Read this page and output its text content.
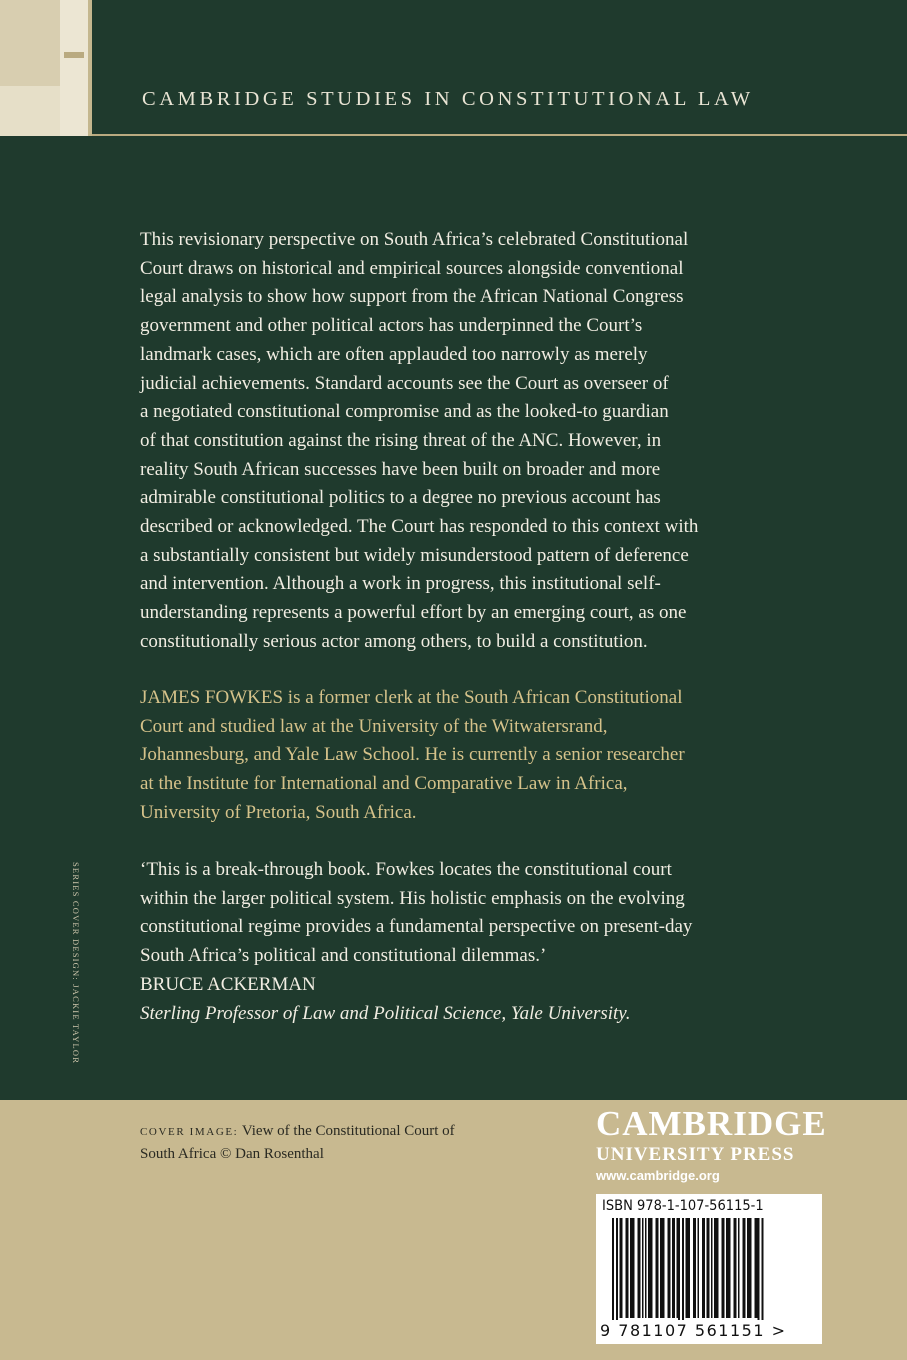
CAMBRIDGE STUDIES IN CONSTITUTIONAL LAW

This revisionary perspective on South Africa’s celebrated Constitutional
Court draws on historical and empirical sources alongside conventional
legal analysis to show how support from the African National Congress
government and other political actors has underpinned the Court’s
landmark cases, which are often applauded too narrowly as merely
judicial achievements. Standard accounts see the Court as overseer of
a negotiated constitutional compromise and as the looked-to guardian
of that constitution against the rising threat of the ANC. However, in
reality South African successes have been built on broader and more
admirable constitutional politics to a degree no previous account has
described or acknowledged. The Court has responded to this context with
a substantially consistent but widely misunderstood pattern of deference
and intervention. Although a work in progress, this institutional self-
understanding represents a powerful effort by an emerging court, as one
constitutionally serious actor among others, to build a constitution.

JAMES FOWKES is a former clerk at the South African Constitutional
Court and studied law at the University of the Witwatersrand,
Johannesburg, and Yale Law School. He is currently a senior researcher
at the Institute for International and Comparative Law in Africa,
University of Pretoria, South Africa.

‘This is a break-through book. Fowkes locates the constitutional court
within the larger political system. His holistic emphasis on the evolving
constitutional regime provides a fundamental perspective on present-day
South Africa’s political and constitutional dilemmas.’
BRUCE ACKERMAN
Sterling Professor of Law and Political Science, Yale University.

SERIES COVER DESIGN: JACKIE TAYLOR

COVER IMAGE: View of the Constitutional Court of
South Africa © Dan Rosenthal

CAMBRIDGE
UNIVERSITY PRESS
www.cambridge.org

ISBN 978-1-107-56115-1

9 781107 561151 >
